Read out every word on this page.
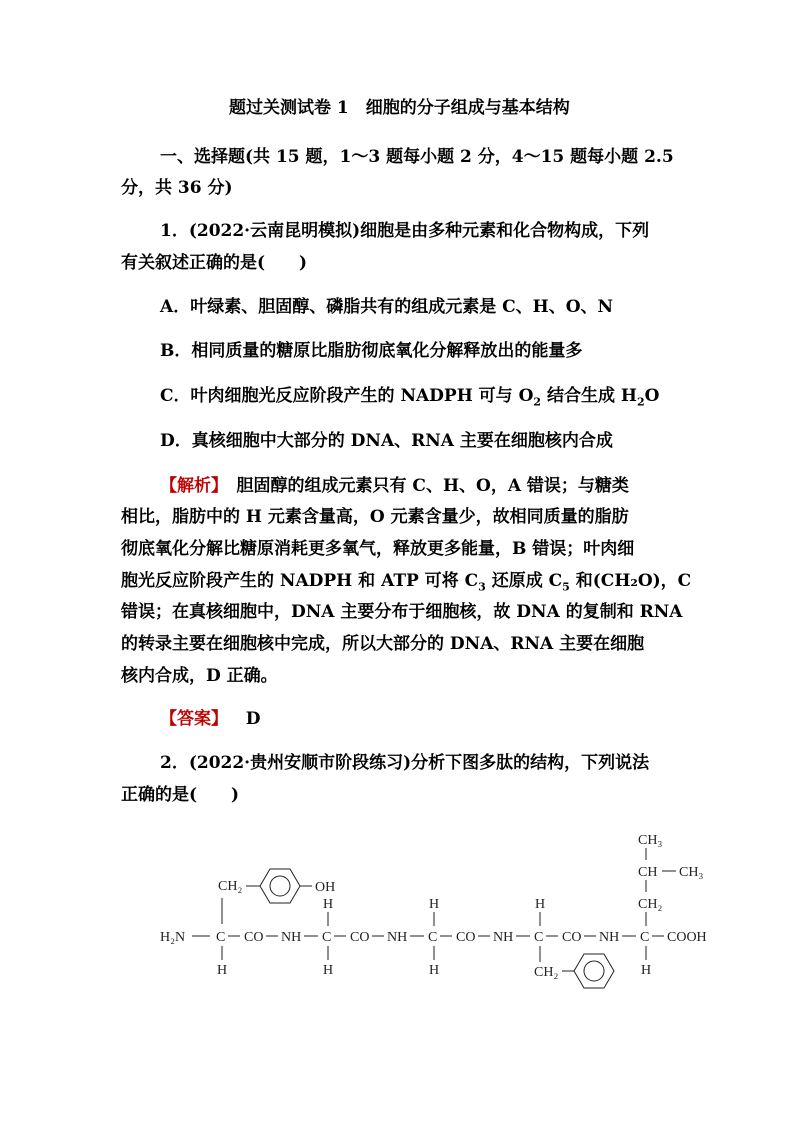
题过关测试卷 1　细胞的分子组成与基本结构
一、选择题(共 15 题，1～3 题每小题 2 分，4～15 题每小题 2.5
分，共 36 分)
1．(2022·云南昆明模拟)细胞是由多种元素和化合物构成，下列
有关叙述正确的是(　　)
A．叶绿素、胆固醇、磷脂共有的组成元素是 C、H、O、N
B．相同质量的糖原比脂肪彻底氧化分解释放出的能量多
C．叶肉细胞光反应阶段产生的 NADPH 可与 $O_2$ 结合生成 $H_2O$
D．真核细胞中大部分的 DNA、RNA 主要在细胞核内合成
【解析】　胆固醇的组成元素只有 C、H、O，A 错误；与糖类
相比，脂肪中的 H 元素含量高，O 元素含量少，故相同质量的脂肪
彻底氧化分解比糖原消耗更多氧气，释放更多能量，B 错误；叶肉细
胞光反应阶段产生的 NADPH 和 ATP 可将 $C_3$ 还原成 $C_5$ 和(CH₂O)，C
错误；在真核细胞中，DNA 主要分布于细胞核，故 DNA 的复制和 RNA
的转录主要在细胞核中完成，所以大部分的 DNA、RNA 主要在细胞
核内合成，D 正确。
【答案】 D
2．(2022·贵州安顺市阶段练习)分析下图多肽的结构，下列说法
正确的是(　　)
H₂N C CO NH C CO NH C CO NH C CO NH C COOH
CH₂	OH
H
H
H
H
H
H
CH₂
CH₃
CH CH₃
CH₂
H
